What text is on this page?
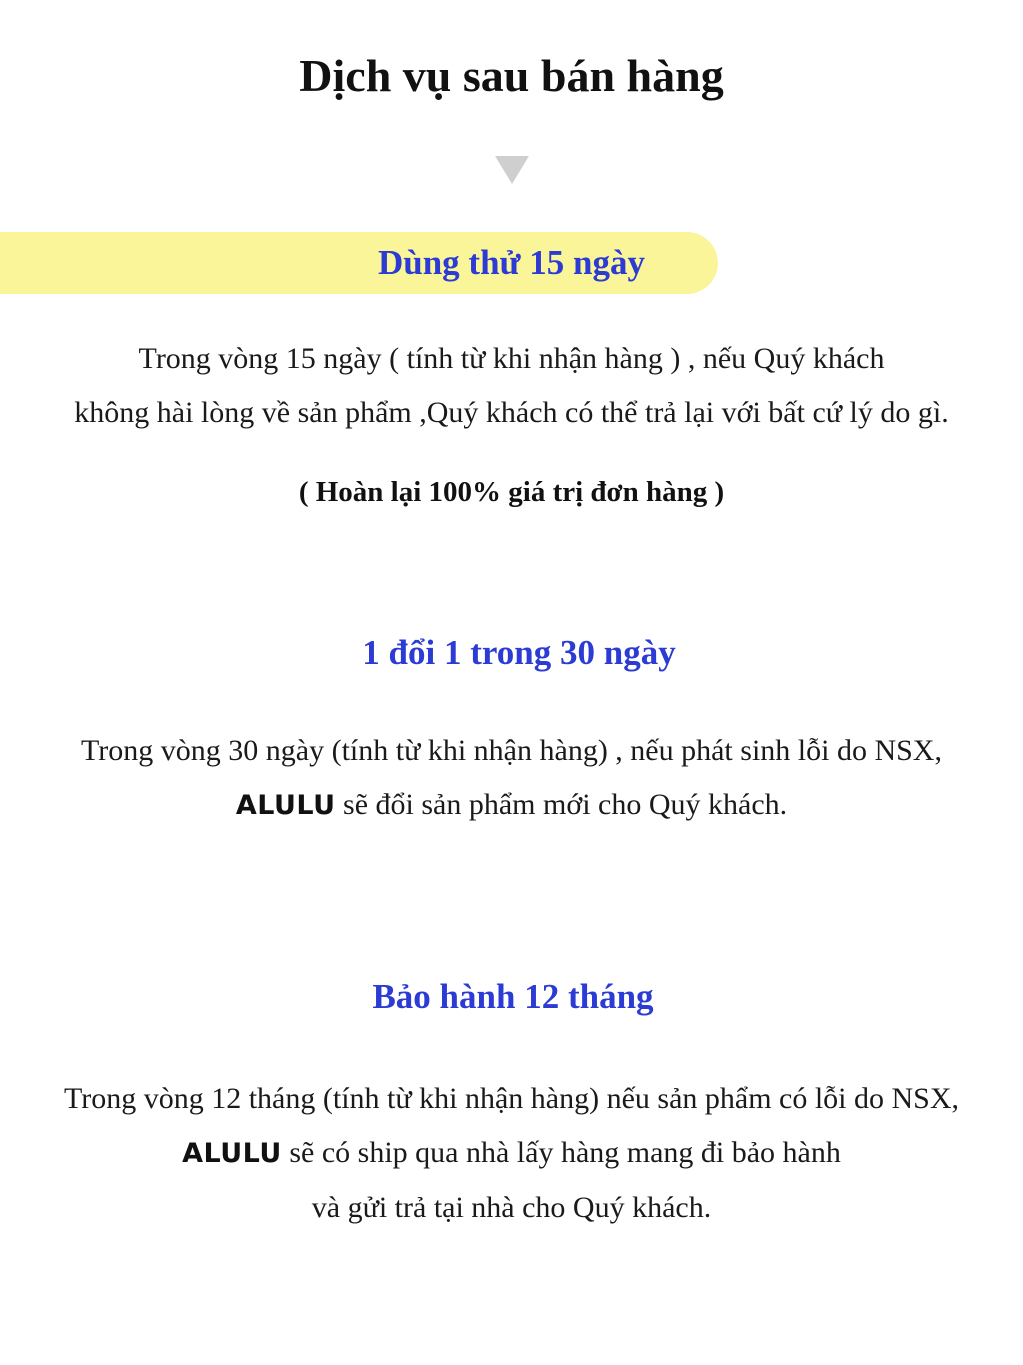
Dịch vụ sau bán hàng
Dùng thử 15 ngày
Trong vòng 15 ngày ( tính từ khi nhận hàng ) , nếu Quý khách
không hài lòng về sản phẩm ,Quý khách có thể trả lại với bất cứ lý do gì.
( Hoàn lại 100% giá trị đơn hàng )
1 đổi 1 trong 30 ngày
Trong vòng 30 ngày (tính từ khi nhận hàng) , nếu phát sinh lỗi do NSX,
ALULU sẽ đổi sản phẩm mới cho Quý khách.
Bảo hành 12 tháng
Trong vòng 12 tháng (tính từ khi nhận hàng) nếu sản phẩm có lỗi do NSX,
ALULU sẽ có ship qua nhà lấy hàng mang đi bảo hành
và gửi trả tại nhà cho Quý khách.
